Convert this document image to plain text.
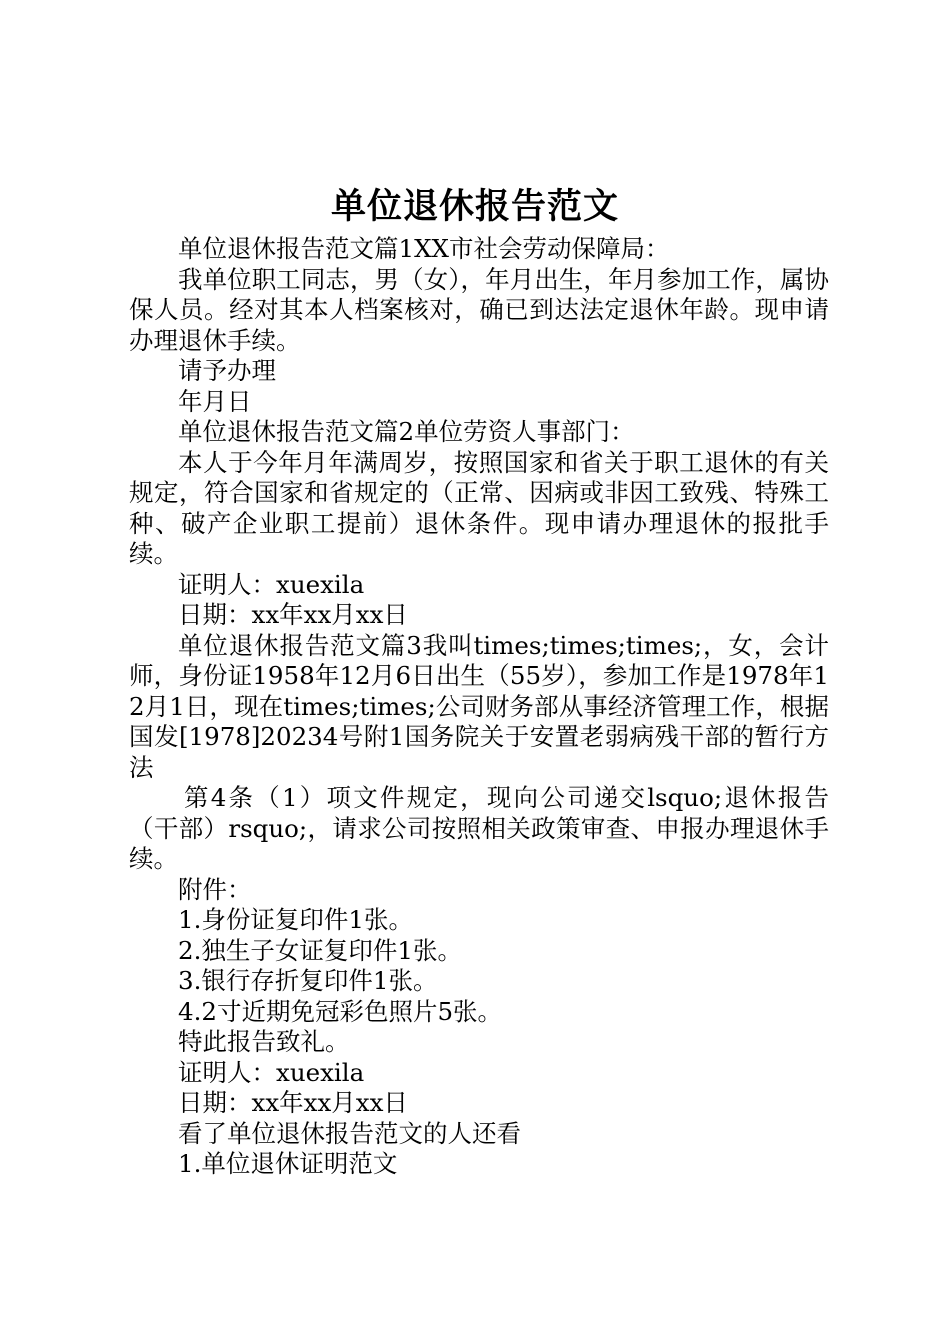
单位退休报告范文

单位退休报告范文篇1XX市社会劳动保障局：

我单位职工同志，男（女），年月出生，年月参加工作，属协保人员。经对其本人档案核对，确已到达法定退休年龄。现申请办理退休手续。

请予办理

年月日

单位退休报告范文篇2单位劳资人事部门：

本人于今年月年满周岁，按照国家和省关于职工退休的有关规定，符合国家和省规定的（正常、因病或非因工致残、特殊工种、破产企业职工提前）退休条件。现申请办理退休的报批手续。

证明人：xuexila

日期：xx年xx月xx日

单位退休报告范文篇3我叫times;times;times;，女，会计师，身份证1958年12月6日出生（55岁），参加工作是1978年12月1日，现在times;times;公司财务部从事经济管理工作，根据国发[1978]20234号附1国务院关于安置老弱病残干部的暂行方法

第4条（1）项文件规定，现向公司递交lsquo;退休报告（干部）rsquo;，请求公司按照相关政策审查、申报办理退休手续。

附件：

1.身份证复印件1张。

2.独生子女证复印件1张。

3.银行存折复印件1张。

4.2寸近期免冠彩色照片5张。

特此报告致礼。

证明人：xuexila

日期：xx年xx月xx日

看了单位退休报告范文的人还看

1.单位退休证明范文
